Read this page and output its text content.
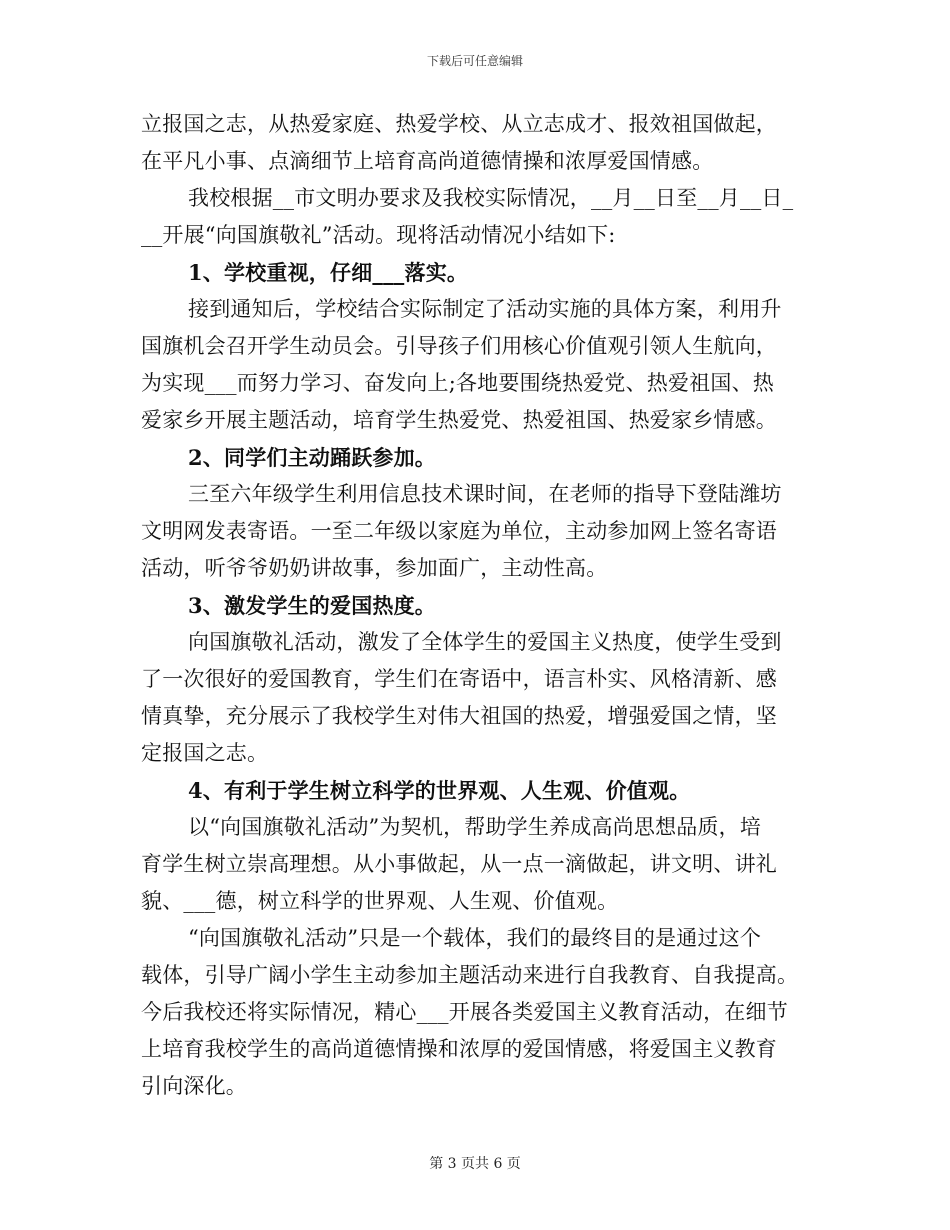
下载后可任意编辑
立报国之志，从热爱家庭、热爱学校、从立志成才、报效祖国做起，
在平凡小事、点滴细节上培育高尚道德情操和浓厚爱国情感。
我校根据__市文明办要求及我校实际情况，__月__日至__月__日_
__开展“向国旗敬礼”活动。现将活动情况小结如下:
1、学校重视，仔细___落实。
接到通知后，学校结合实际制定了活动实施的具体方案，利用升
国旗机会召开学生动员会。引导孩子们用核心价值观引领人生航向，
为实现___而努力学习、奋发向上;各地要围绕热爱党、热爱祖国、热
爱家乡开展主题活动，培育学生热爱党、热爱祖国、热爱家乡情感。
2、同学们主动踊跃参加。
三至六年级学生利用信息技术课时间，在老师的指导下登陆潍坊
文明网发表寄语。一至二年级以家庭为单位，主动参加网上签名寄语
活动，听爷爷奶奶讲故事，参加面广，主动性高。
3、激发学生的爱国热度。
向国旗敬礼活动，激发了全体学生的爱国主义热度，使学生受到
了一次很好的爱国教育，学生们在寄语中，语言朴实、风格清新、感
情真挚，充分展示了我校学生对伟大祖国的热爱，增强爱国之情，坚
定报国之志。
4、有利于学生树立科学的世界观、人生观、价值观。
以“向国旗敬礼活动”为契机，帮助学生养成高尚思想品质，培
育学生树立崇高理想。从小事做起，从一点一滴做起，讲文明、讲礼
貌、___德，树立科学的世界观、人生观、价值观。
“向国旗敬礼活动”只是一个载体，我们的最终目的是通过这个
载体，引导广阔小学生主动参加主题活动来进行自我教育、自我提高。
今后我校还将实际情况，精心___开展各类爱国主义教育活动，在细节
上培育我校学生的高尚道德情操和浓厚的爱国情感，将爱国主义教育
引向深化。
第 3 页共 6 页
